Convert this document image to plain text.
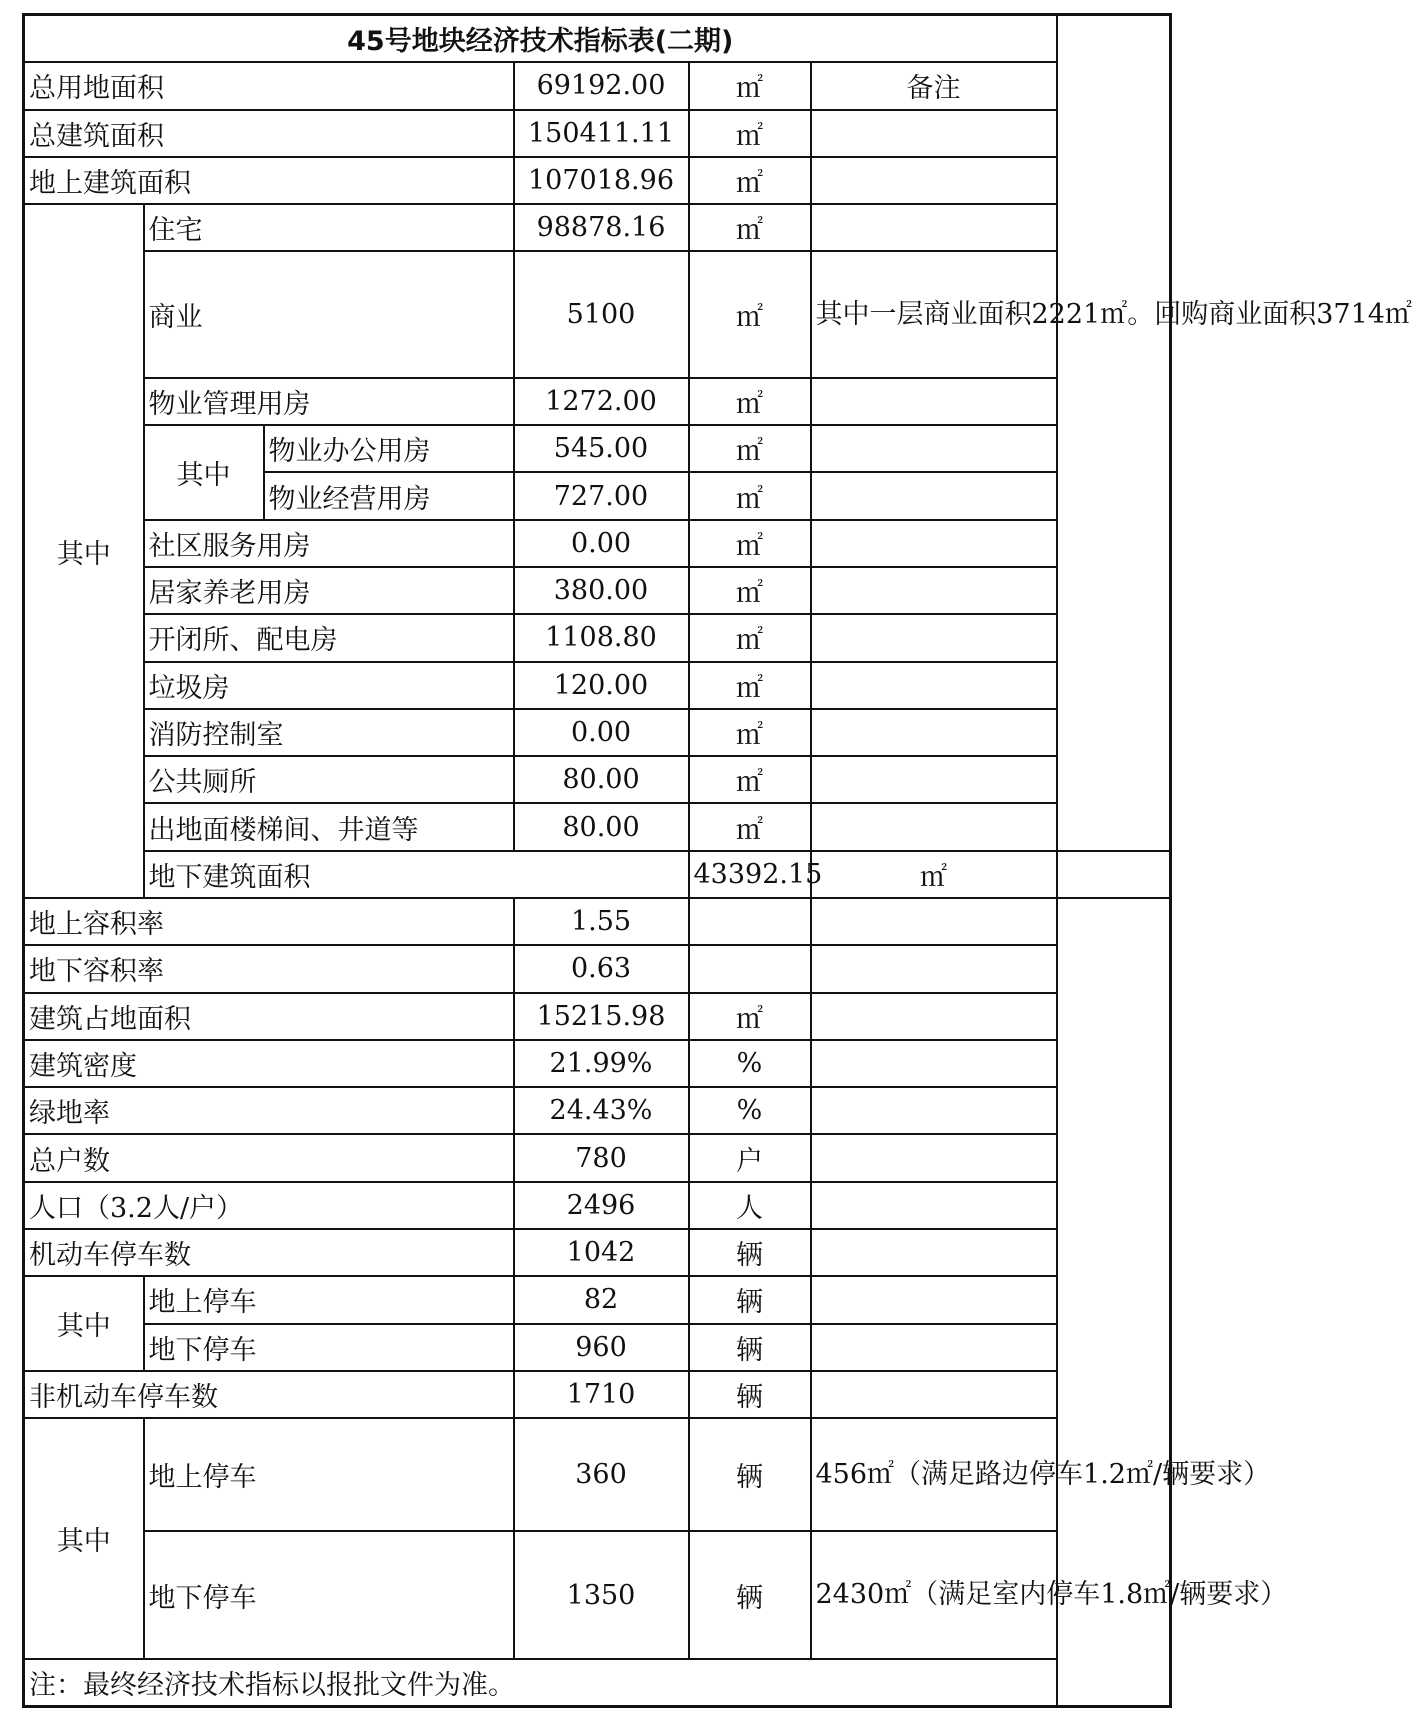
45号地块经济技术指标表(二期)						
总用地面积			69192.00	㎡	备注	
总建筑面积			150411.11	㎡		
地上建筑面积			107018.96	㎡		
其中	住宅		98878.16	㎡		
	商业		5100	㎡	其中一层商业面积2221㎡。回购商业面积3714㎡	
	物业管理用房		1272.00	㎡		
	其中	物业办公用房	545.00	㎡		
		物业经营用房	727.00	㎡		
	社区服务用房		0.00	㎡		
	居家养老用房		380.00	㎡		
	开闭所、配电房		1108.80	㎡		
	垃圾房		120.00	㎡		
	消防控制室		0.00	㎡		
	公共厕所		80.00	㎡		
	出地面楼梯间、井道等		80.00	㎡		
	地下建筑面积			43392.15	㎡	
地上容积率			1.55			
地下容积率			0.63			
建筑占地面积			15215.98	㎡		
建筑密度			21.99%	%		
绿地率			24.43%	%		
总户数			780	户		
人口（3.2人/户）			2496	人		
机动车停车数			1042	辆		
其中	地上停车		82	辆		
	地下停车		960	辆		
非机动车停车数			1710	辆		
其中	地上停车		360	辆	456㎡（满足路边停车1.2㎡/辆要求）	
	地下停车		1350	辆	2430㎡（满足室内停车1.8㎡/辆要求）	
注：最终经济技术指标以报批文件为准。						
